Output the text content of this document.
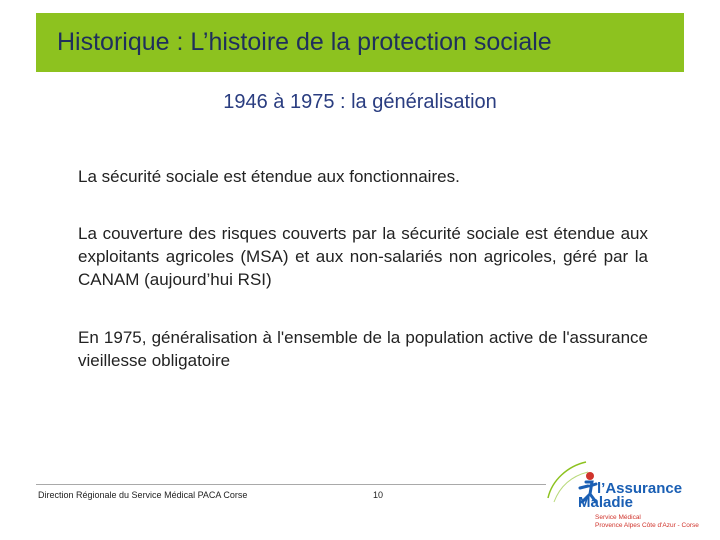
Historique : L’histoire de la protection sociale
1946 à 1975 : la généralisation
La sécurité sociale est étendue aux fonctionnaires.
La couverture des risques couverts par la sécurité sociale est étendue aux exploitants agricoles (MSA) et aux non-salariés non agricoles, géré par la CANAM (aujourd’hui RSI)
En 1975, généralisation à l'ensemble de la population active de l'assurance vieillesse obligatoire
Direction Régionale du Service Médical PACA Corse	10	l’Assurance
Maladie
Service Médical
Provence Alpes Côte d'Azur - Corse
